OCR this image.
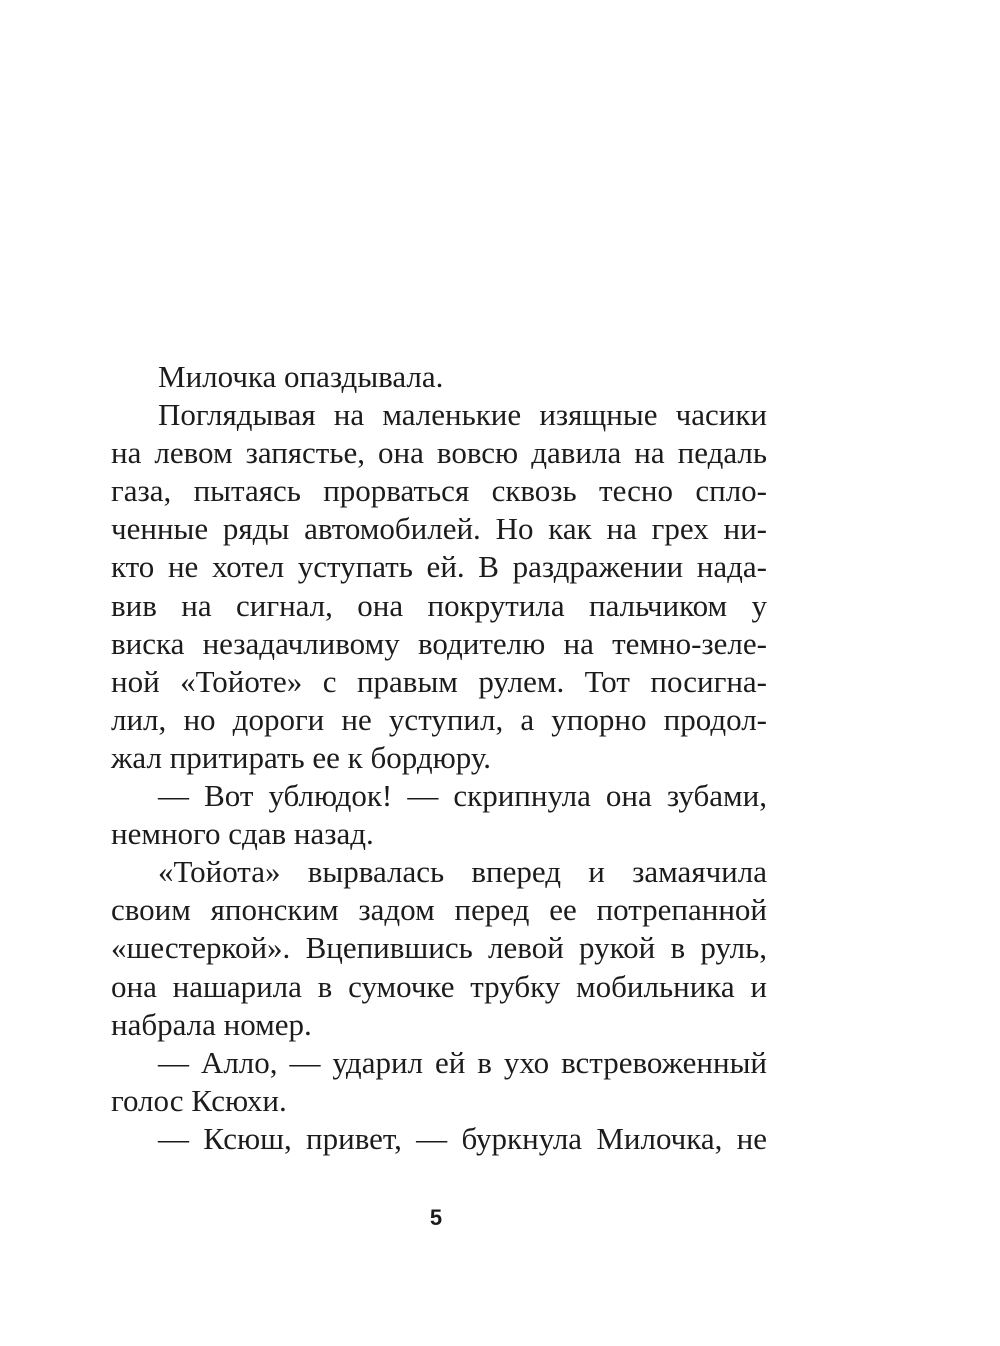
Милочка опаздывала.
Поглядывая на маленькие изящные часики
на левом запястье, она вовсю давила на педаль
газа, пытаясь прорваться сквозь тесно спло-
ченные ряды автомобилей. Но как на грех ни-
кто не хотел уступать ей. В раздражении нада-
вив на сигнал, она покрутила пальчиком у
виска незадачливому водителю на темно-зеле-
ной «Тойоте» с правым рулем. Тот посигна-
лил, но дороги не уступил, а упорно продол-
жал притирать ее к бордюру.
— Вот ублюдок! — скрипнула она зубами,
немного сдав назад.
«Тойота» вырвалась вперед и замаячила
своим японским задом перед ее потрепанной
«шестеркой». Вцепившись левой рукой в руль,
она нашарила в сумочке трубку мобильника и
набрала номер.
— Алло, — ударил ей в ухо встревоженный
голос Ксюхи.
— Ксюш, привет, — буркнула Милочка, не
5
